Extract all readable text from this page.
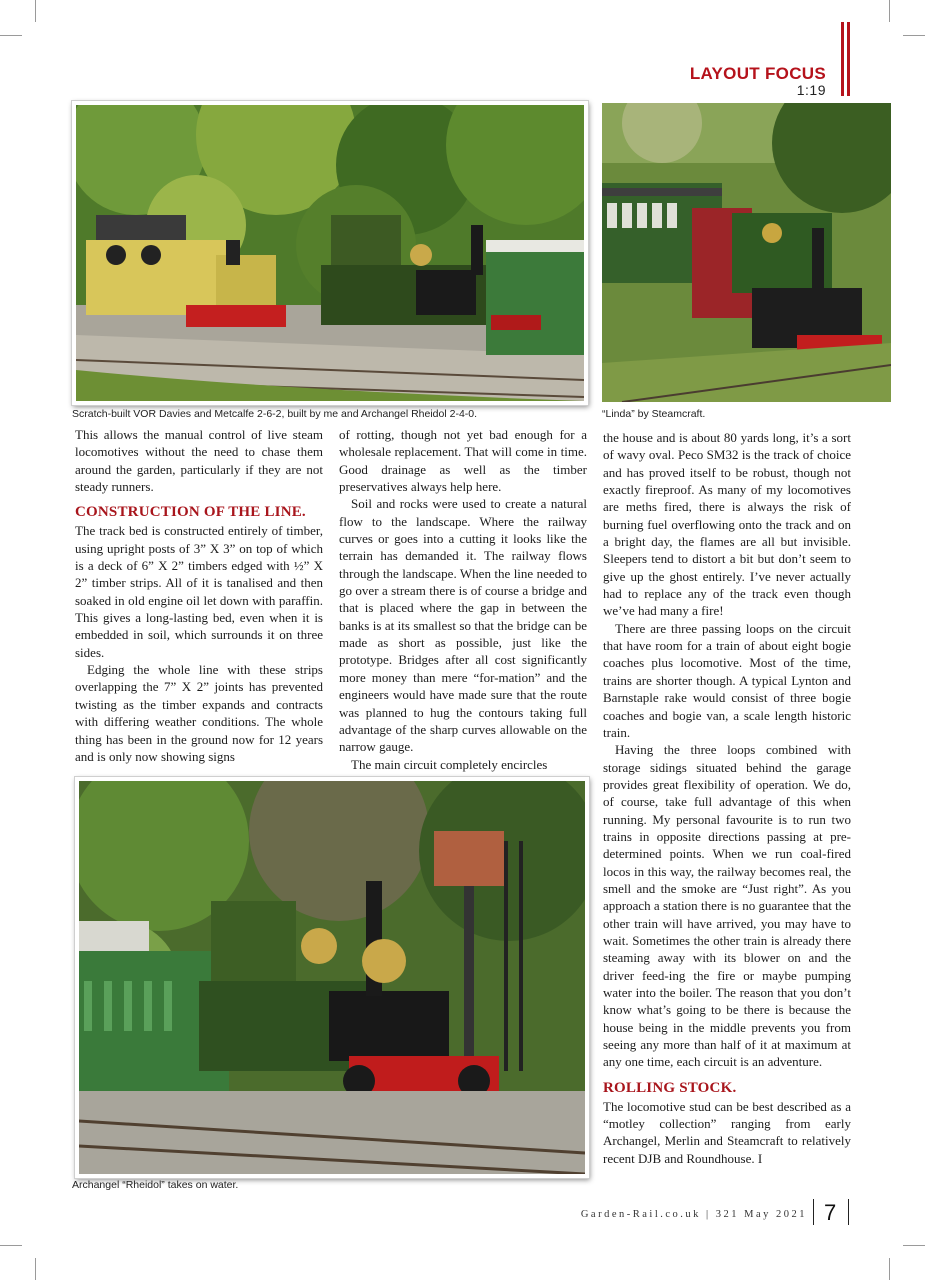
LAYOUT FOCUS
1:19
Scratch-built VOR Davies and Metcalfe 2-6-2, built by me and Archangel Rheidol 2-4-0.	“Linda” by Steamcraft.

This allows the manual control of live steam locomotives without the need to chase them around the garden, particularly if they are not steady runners.

CONSTRUCTION OF THE LINE.

The track bed is constructed entirely of timber, using upright posts of 3” X 3” on top of which is a deck of 6” X 2” timbers edged with ½” X 2” timber strips. All of it is tanalised and then soaked in old engine oil let down with paraffin. This gives a long-lasting bed, even when it is embedded in soil, which surrounds it on three sides.

Edging the whole line with these strips overlapping the 7” X 2” joints has prevented twisting as the timber expands and contracts with differing weather conditions. The whole thing has been in the ground now for 12 years and is only now showing signs

of rotting, though not yet bad enough for a wholesale replacement. That will come in time. Good drainage as well as the timber preservatives always help here.

Soil and rocks were used to create a natural flow to the landscape. Where the railway curves or goes into a cutting it looks like the terrain has demanded it. The railway flows through the landscape. When the line needed to go over a stream there is of course a bridge and that is placed where the gap in between the banks is at its smallest so that the bridge can be made as short as possible, just like the prototype. Bridges after all cost significantly more money than mere “for-mation” and the engineers would have made sure that the route was planned to hug the contours taking full advantage of the sharp curves allowable on the narrow gauge.

The main circuit completely encircles

the house and is about 80 yards long, it’s a sort of wavy oval. Peco SM32 is the track of choice and has proved itself to be robust, though not exactly fireproof. As many of my locomotives are meths fired, there is always the risk of burning fuel overflowing onto the track and on a bright day, the flames are all but invisible. Sleepers tend to distort a bit but don’t seem to give up the ghost entirely. I’ve never actually had to replace any of the track even though we’ve had many a fire!

There are three passing loops on the circuit that have room for a train of about eight bogie coaches plus locomotive. Most of the time, trains are shorter though. A typical Lynton and Barnstaple rake would consist of three bogie coaches and bogie van, a scale length historic train.

Having the three loops combined with storage sidings situated behind the garage provides great flexibility of operation. We do, of course, take full advantage of this when running. My personal favourite is to run two trains in opposite directions passing at pre-determined points. When we run coal-fired locos in this way, the railway becomes real, the smell and the smoke are “Just right”. As you approach a station there is no guarantee that the other train will have arrived, you may have to wait. Sometimes the other train is already there steaming away with its blower on and the driver feed-ing the fire or maybe pumping water into the boiler. The reason that you don’t know what’s going to be there is because the house being in the middle prevents you from seeing any more than half of it at maximum at any one time, each circuit is an adventure.

ROLLING STOCK.

The locomotive stud can be best described as a “motley collection” ranging from early Archangel, Merlin and Steamcraft to relatively recent DJB and Roundhouse. I

Archangel “Rheidol” takes on water.
Garden-Rail.co.uk | 321 May 2021 7
